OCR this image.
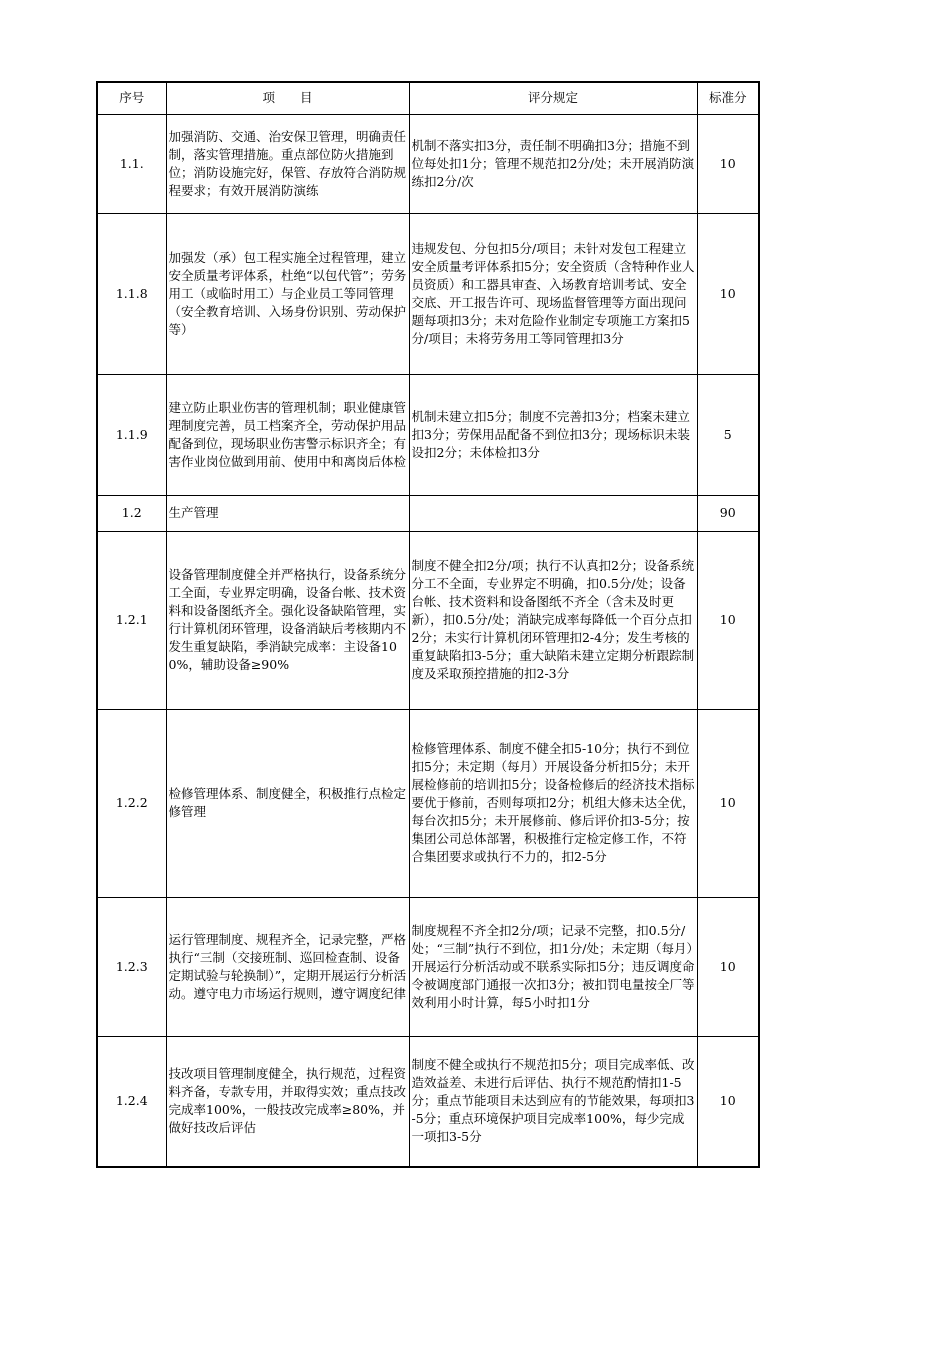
序号	项　　目	评分规定	标准分
1.1.	加强消防、交通、治安保卫管理，明确责任制，落实管理措施。重点部位防火措施到位；消防设施完好，保管、存放符合消防规程要求；有效开展消防演练	机制不落实扣3分，责任制不明确扣3分；措施不到位每处扣1分；管理不规范扣2分/处；未开展消防演练扣2分/次	10
1.1.8	加强发（承）包工程实施全过程管理，建立安全质量考评体系，杜绝“以包代管”；劳务用工（或临时用工）与企业员工等同管理（安全教育培训、入场身份识别、劳动保护等）	违规发包、分包扣5分/项目；未针对发包工程建立安全质量考评体系扣5分；安全资质（含特种作业人员资质）和工器具审查、入场教育培训考试、安全交底、开工报告许可、现场监督管理等方面出现问题每项扣3分；未对危险作业制定专项施工方案扣5分/项目；未将劳务用工等同管理扣3分	10
1.1.9	建立防止职业伤害的管理机制；职业健康管理制度完善，员工档案齐全，劳动保护用品配备到位，现场职业伤害警示标识齐全；有害作业岗位做到用前、使用中和离岗后体检	机制未建立扣5分；制度不完善扣3分；档案未建立扣3分；劳保用品配备不到位扣3分；现场标识未装设扣2分；未体检扣3分	5
1.2	生产管理		90
1.2.1	设备管理制度健全并严格执行，设备系统分工全面，专业界定明确，设备台帐、技术资料和设备图纸齐全。强化设备缺陷管理，实行计算机闭环管理，设备消缺后考核期内不发生重复缺陷，季消缺完成率：主设备100%，辅助设备≥90%	制度不健全扣2分/项；执行不认真扣2分；设备系统分工不全面，专业界定不明确，扣0.5分/处；设备台帐、技术资料和设备图纸不齐全（含未及时更新），扣0.5分/处；消缺完成率每降低一个百分点扣2分；未实行计算机闭环管理扣2-4分；发生考核的重复缺陷扣3-5分；重大缺陷未建立定期分析跟踪制度及采取预控措施的扣2-3分	10
1.2.2	检修管理体系、制度健全，积极推行点检定修管理	检修管理体系、制度不健全扣5-10分；执行不到位扣5分；未定期（每月）开展设备分析扣5分；未开展检修前的培训扣5分；设备检修后的经济技术指标要优于修前，否则每项扣2分；机组大修未达全优，每台次扣5分；未开展修前、修后评价扣3-5分；按集团公司总体部署，积极推行定检定修工作，不符合集团要求或执行不力的，扣2-5分	10
1.2.3	运行管理制度、规程齐全，记录完整，严格执行“三制（交接班制、巡回检查制、设备定期试验与轮换制）”，定期开展运行分析活动。遵守电力市场运行规则，遵守调度纪律	制度规程不齐全扣2分/项；记录不完整，扣0.5分/处；“三制”执行不到位，扣1分/处；未定期（每月）开展运行分析活动或不联系实际扣5分；违反调度命令被调度部门通报一次扣3分；被扣罚电量按全厂等效利用小时计算，每5小时扣1分	10
1.2.4	技改项目管理制度健全，执行规范，过程资料齐备，专款专用，并取得实效；重点技改完成率100%，一般技改完成率≥80%，并做好技改后评估	制度不健全或执行不规范扣5分；项目完成率低、改造效益差、未进行后评估、执行不规范酌情扣1-5分；重点节能项目未达到应有的节能效果，每项扣3-5分；重点环境保护项目完成率100%，每少完成一项扣3-5分	10
